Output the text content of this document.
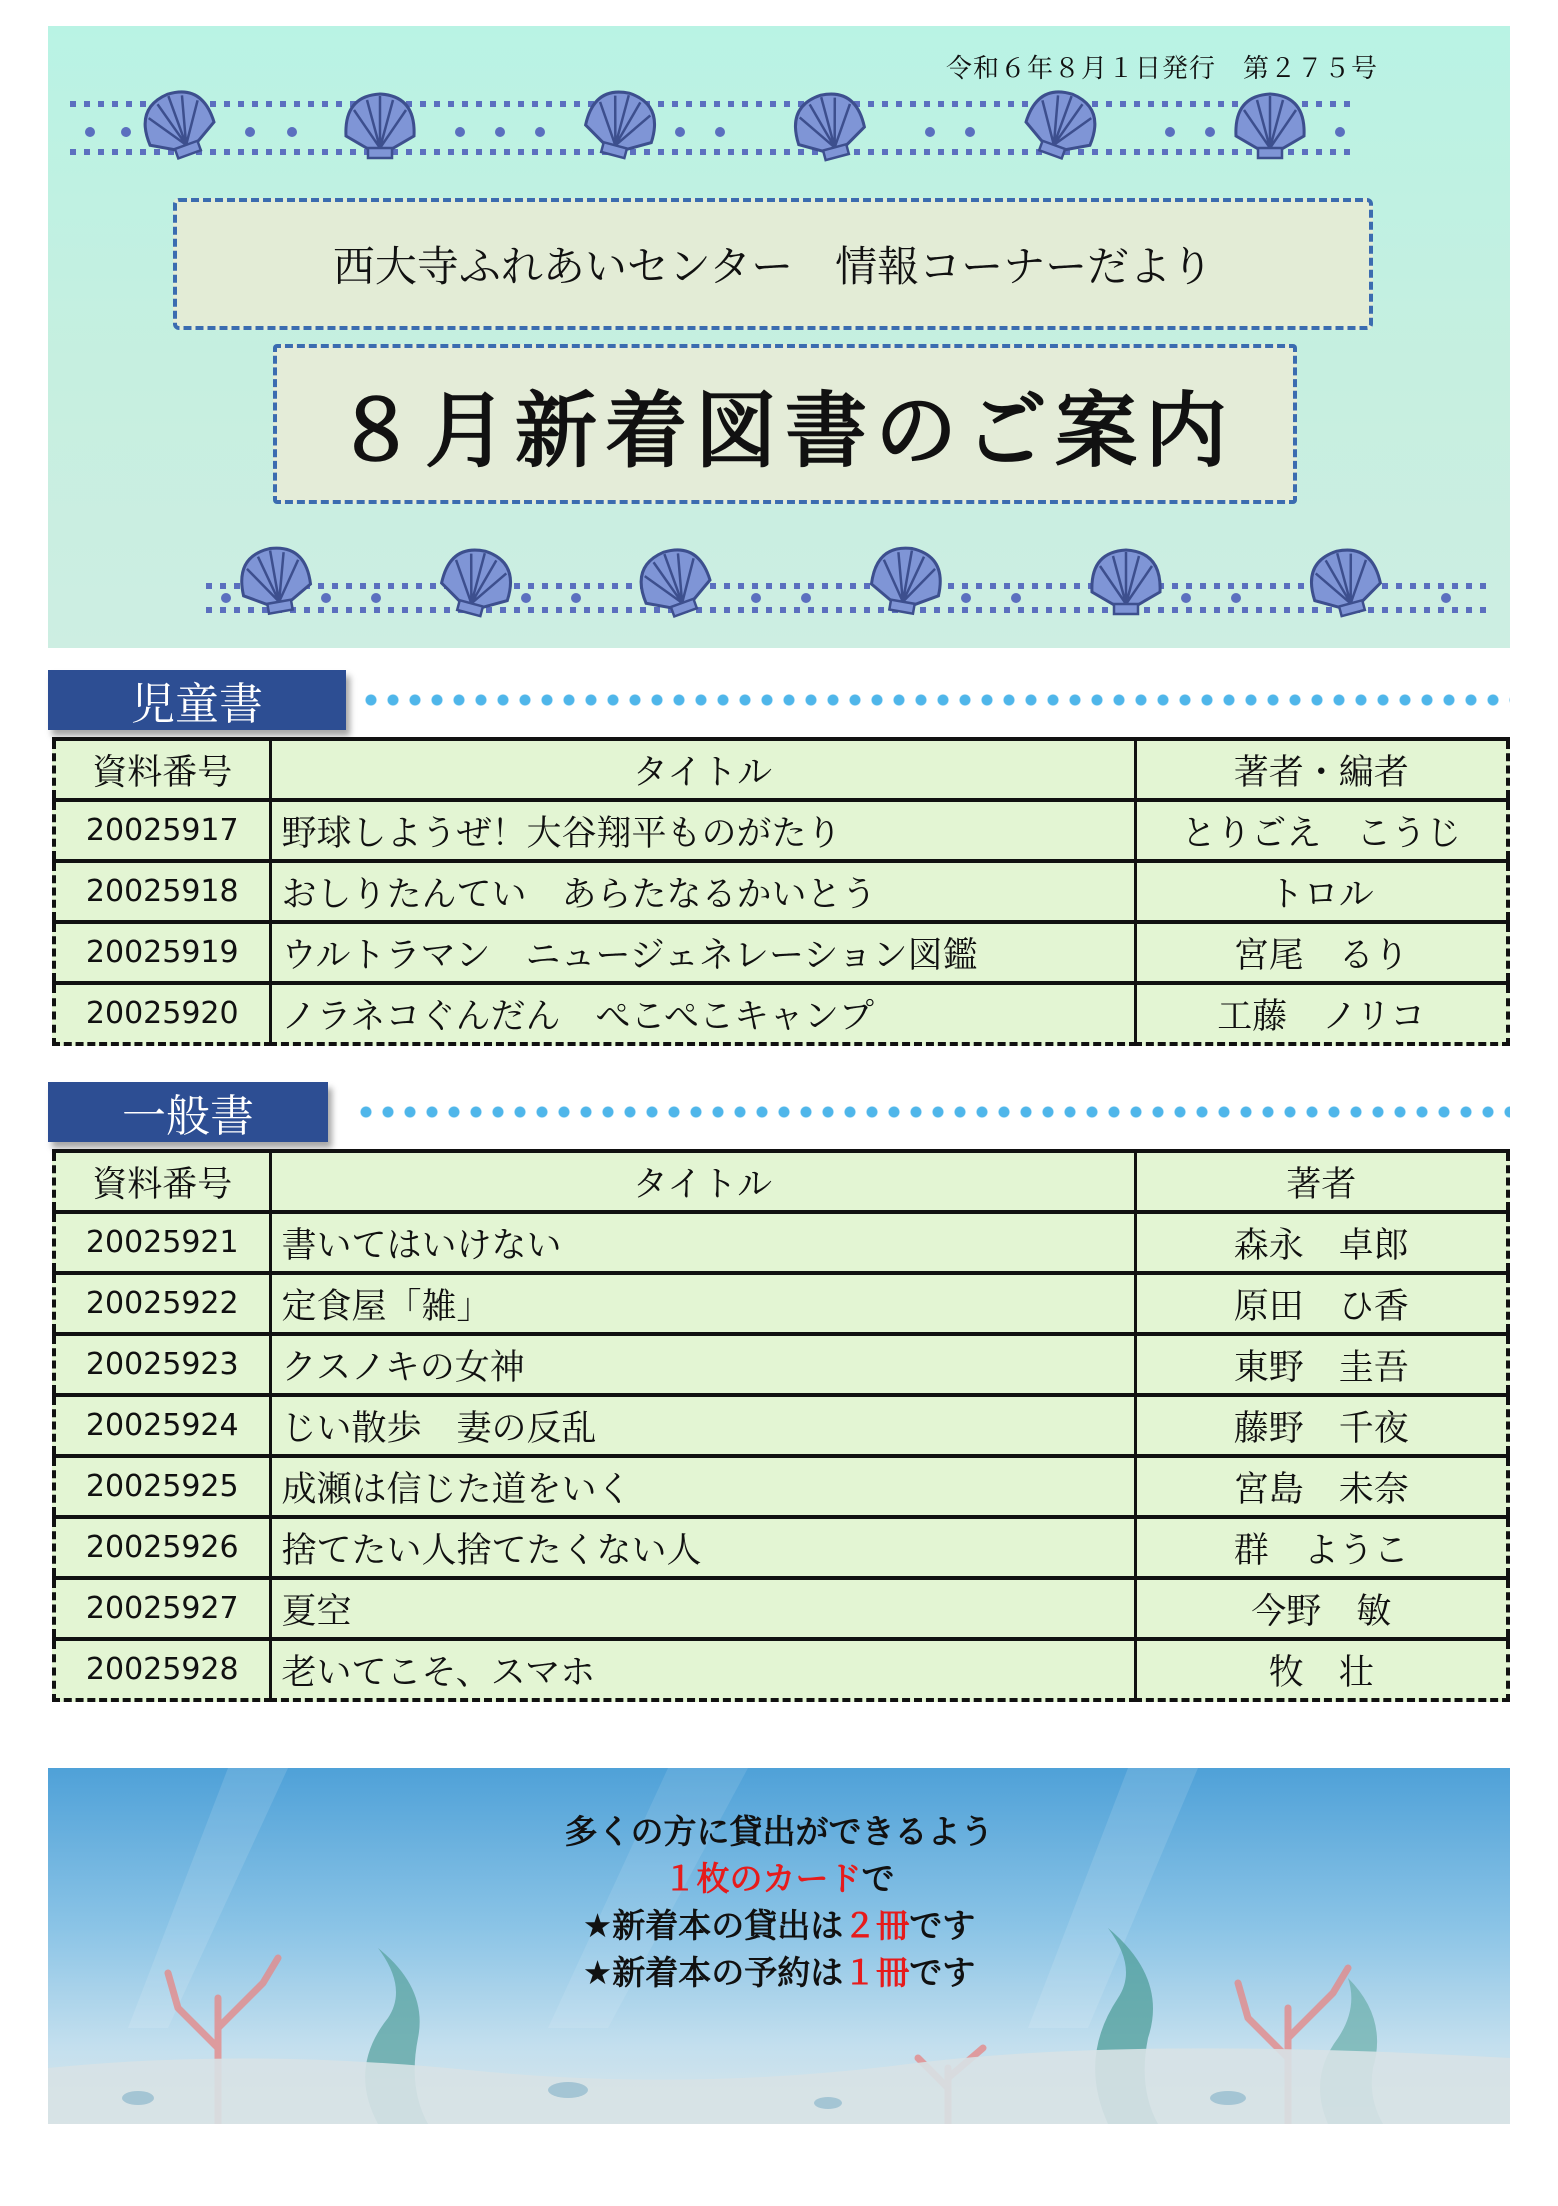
令和６年８月１日発行　第２７５号
西大寺ふれあいセンター　情報コーナーだより
８月新着図書のご案内
児童書
資料番号	タイトル	著者・編者
20025917	野球しようぜ！大谷翔平ものがたり	とりごえ　こうじ
20025918	おしりたんてい　あらたなるかいとう	トロル
20025919	ウルトラマン　ニュージェネレーション図鑑	宮尾　るり
20025920	ノラネコぐんだん　ぺこぺこキャンプ	工藤　ノリコ
一般書
資料番号	タイトル	著者
20025921	書いてはいけない	森永　卓郎
20025922	定食屋「雑」	原田　ひ香
20025923	クスノキの女神	東野　圭吾
20025924	じい散歩　妻の反乱	藤野　千夜
20025925	成瀬は信じた道をいく	宮島　未奈
20025926	捨てたい人捨てたくない人	群　ようこ
20025927	夏空	今野　敏
20025928	老いてこそ、スマホ	牧　壮
多くの方に貸出ができるよう
１枚のカードで
★新着本の貸出は２冊です
★新着本の予約は１冊です
